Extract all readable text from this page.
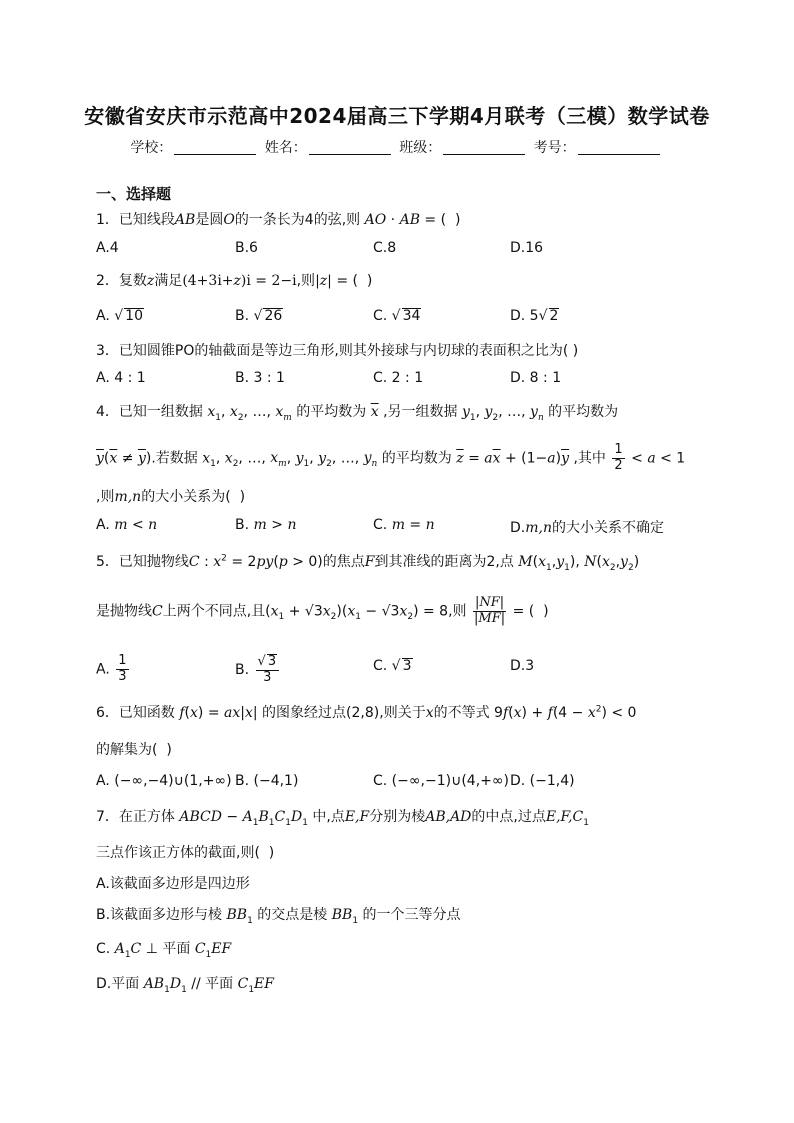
安徽省安庆市示范高中2024届高三下学期4月联考（三模）数学试卷
学校：	姓名：	班级：	考号：
一、选择题
1．已知线段AB是圆O的一条长为4的弦,则 AO · AB = (  )
A.4	B.6	C.8	D.16
2．复数z满足(4+3i+z)i = 2−i,则|z| = (  )
A. √ 10	B. √ 26	C. √ 34	D. 5√ 2
3．已知圆锥PO的轴截面是等边三角形,则其外接球与内切球的表面积之比为( )
A. 4 : 1	B. 3 : 1	C. 2 : 1	D. 8 : 1
4．已知一组数据 $x_1$, $x_2$, …, $x_m$ 的平均数为 $\overline{x}$ ,另一组数据 $y_1$, $y_2$, …, $y_n$ 的平均数为
$\overline{y}(\overline{x} \ne \overline{y})$.若数据 $x_1$, $x_2$, …, $x_m$, $y_1$, $y_2$, …, $y_n$ 的平均数为 $\overline{z} = a\overline{x} + (1-a)\overline{y}$ ,其中 $\frac{1}{2} < a < 1$
,则m,n的大小关系为(  )
A. m < n	B. m > n	C. m = n	D.m,n的大小关系不确定
5．已知抛物线C : $x^2 = 2py(p > 0)$的焦点F到其准线的距离为2,点 $M(x_1,y_1)$, $N(x_2,y_2)$
是抛物线C上两个不同点,且$(x_1 + √3x_2)(x_1 - √3x_2) = 8$,则 $\frac{|NF|}{|MF|}$ = (  )
A. $\frac{1}{3}$	B. $\frac{√ 3}{3}$	C. √ 3	D.3
6．已知函数 f(x) = ax|x| 的图象经过点(2,8),则关于x的不等式 $9f(x) + f(4 - x^2) < 0$
的解集为(  )
A. (−∞,−4)∪(1,+∞) B. (−4,1)	C. (−∞,−1)∪(4,+∞) D. (−1,4)
7．在正方体 ABCD − $A_1B_1C_1D_1$ 中,点E,F分别为棱AB,AD的中点,过点$E,F,C_1$
三点作该正方体的截面,则(  )
A.该截面多边形是四边形
B.该截面多边形与棱 $BB_1$ 的交点是棱 $BB_1$ 的一个三等分点
C. $A_1C$ ⊥ 平面 $C_1EF$
D.平面 $AB_1D_1$ // 平面 $C_1EF$
